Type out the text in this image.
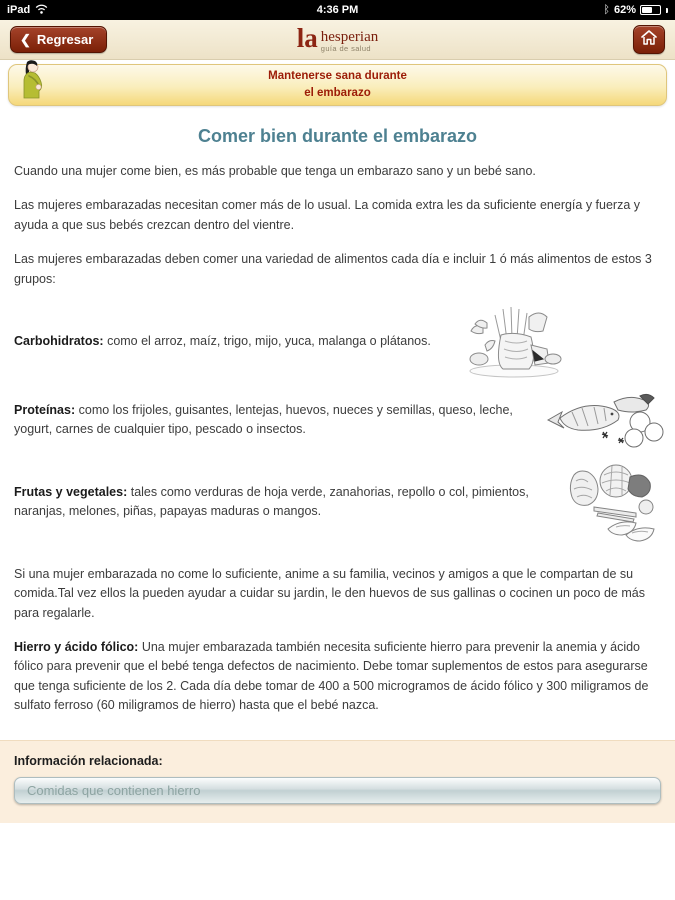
iPad	4:36 PM	ᛒ 62%
❮ Regresar	la hesperian
guía de salud
Mantenerse sana durante
el embarazo
Comer bien durante el embarazo

Cuando una mujer come bien, es más probable que tenga un embarazo sano y un bebé sano.

Las mujeres embarazadas necesitan comer más de lo usual. La comida extra les da suficiente energía y fuerza y ayuda a que sus bebés crezcan dentro del vientre.

Las mujeres embarazadas deben comer una variedad de alimentos cada día e incluir 1 ó más alimentos de estos 3 grupos:

Carbohidratos: como el arroz, maíz, trigo, mijo, yuca, malanga o plátanos.
Proteínas: como los frijoles, guisantes, lentejas, huevos, nueces y semillas, queso, leche, yogurt, carnes de cualquier tipo, pescado o insectos.
Frutas y vegetales: tales como verduras de hoja verde, zanahorias, repollo o col, pimientos, naranjas, melones, piñas, papayas maduras o mangos.

Si una mujer embarazada no come lo suficiente, anime a su familia, vecinos y amigos a que le compartan de su comida.Tal vez ellos la pueden ayudar a cuidar su jardin, le den huevos de sus gallinas o cocinen un poco de más para regalarle.

Hierro y ácido fólico: Una mujer embarazada también necesita suficiente hierro para prevenir la anemia y ácido fólico para prevenir que el bebé tenga defectos de nacimiento. Debe tomar suplementos de estos para asegurarse que tenga suficiente de los 2. Cada día debe tomar de 400 a 500 microgramos de ácido fólico y 300 miligramos de sulfato ferroso (60 miligramos de hierro) hasta que el bebé nazca.

Información relacionada:
Comidas que contienen hierro
